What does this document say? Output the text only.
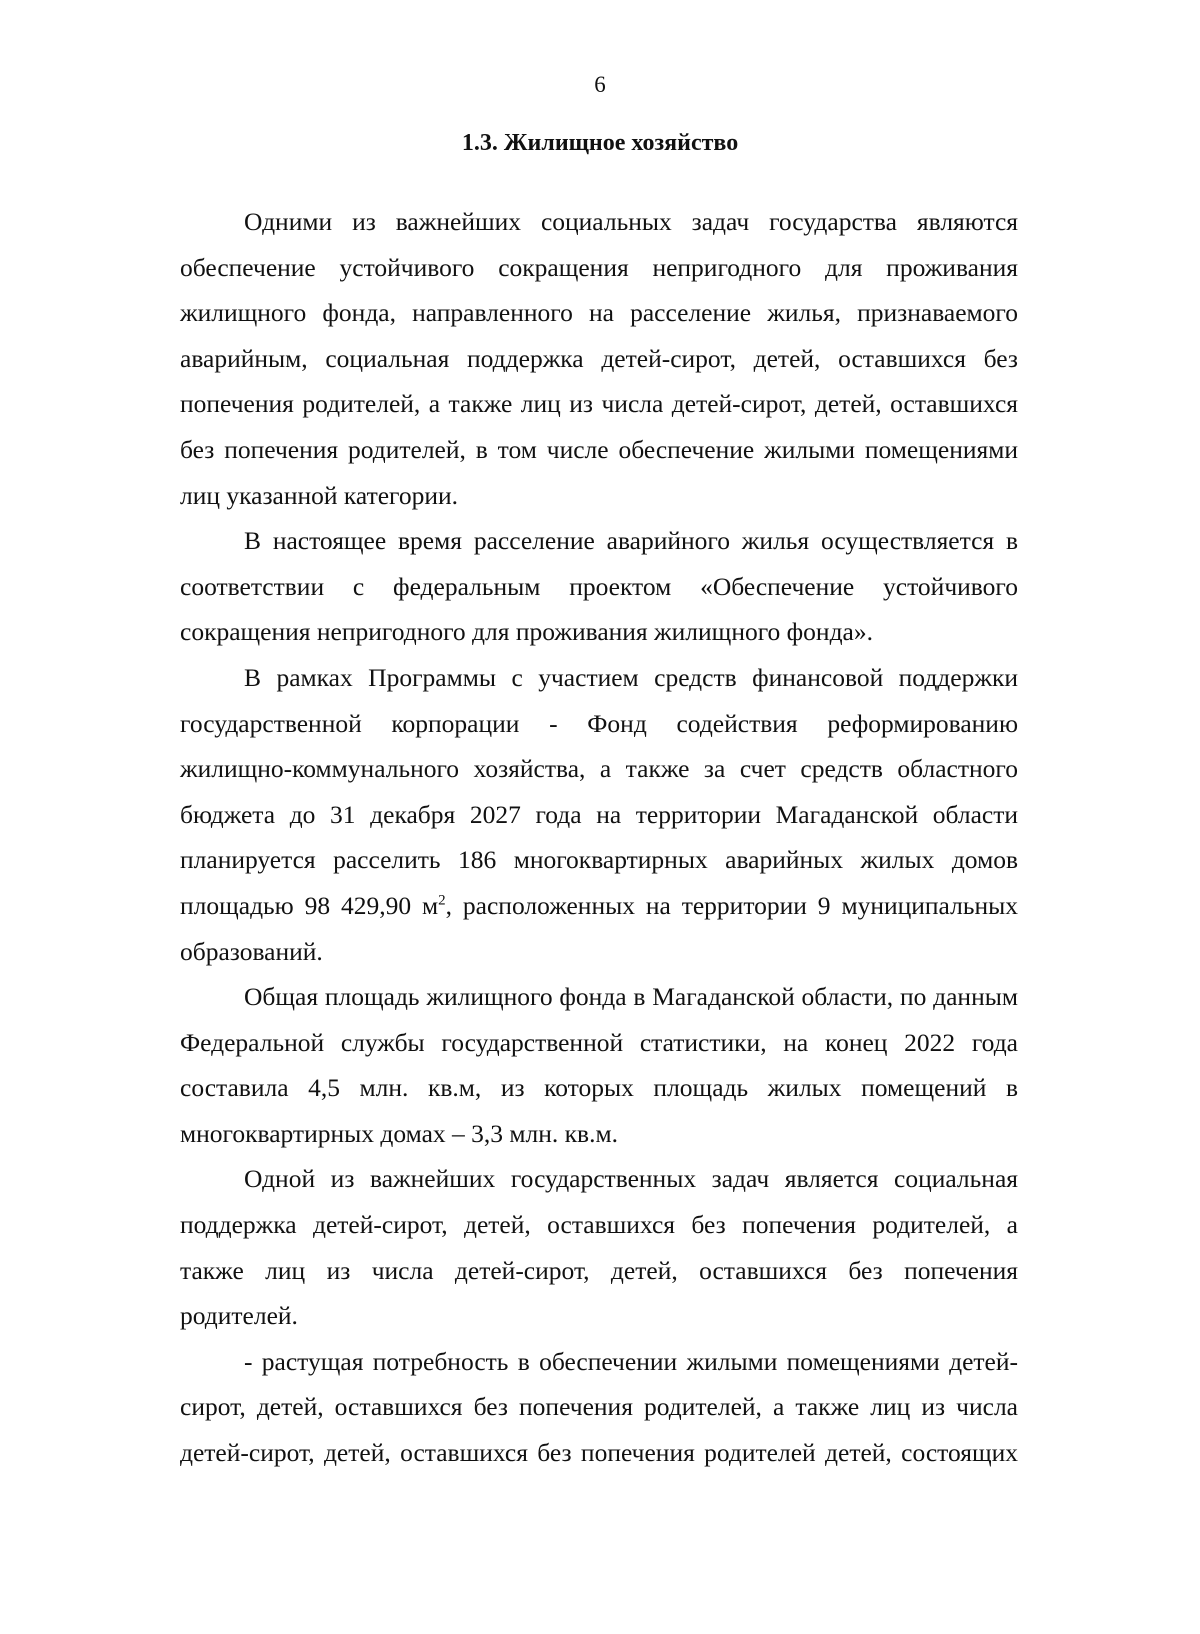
6
1.3. Жилищное хозяйство

Одними из важнейших социальных задач государства являются обеспечение устойчивого сокращения непригодного для проживания жилищного фонда, направленного на расселение жилья, признаваемого аварийным, социальная поддержка детей-сирот, детей, оставшихся без попечения родителей, а также лиц из числа детей-сирот, детей, оставшихся без попечения родителей, в том числе обеспечение жилыми помещениями лиц указанной категории.

В настоящее время расселение аварийного жилья осуществляется в соответствии с федеральным проектом «Обеспечение устойчивого сокращения непригодного для проживания жилищного фонда».

В рамках Программы с участием средств финансовой поддержки государственной корпорации - Фонд содействия реформированию жилищно-коммунального хозяйства, а также за счет средств областного бюджета до 31 декабря 2027 года на территории Магаданской области планируется расселить 186 многоквартирных аварийных жилых домов площадью 98 429,90 $м^2$, расположенных на территории 9 муниципальных образований.

Общая площадь жилищного фонда в Магаданской области, по данным Федеральной службы государственной статистики, на конец 2022 года составила 4,5 млн. кв.м, из которых площадь жилых помещений в многоквартирных домах – 3,3 млн. кв.м.

Одной из важнейших государственных задач является социальная поддержка детей-сирот, детей, оставшихся без попечения родителей, а также лиц из числа детей-сирот, детей, оставшихся без попечения родителей.

- растущая потребность в обеспечении жилыми помещениями детей-сирот, детей, оставшихся без попечения родителей, а также лиц из числа детей-сирот, детей, оставшихся без попечения родителей детей, состоящих
